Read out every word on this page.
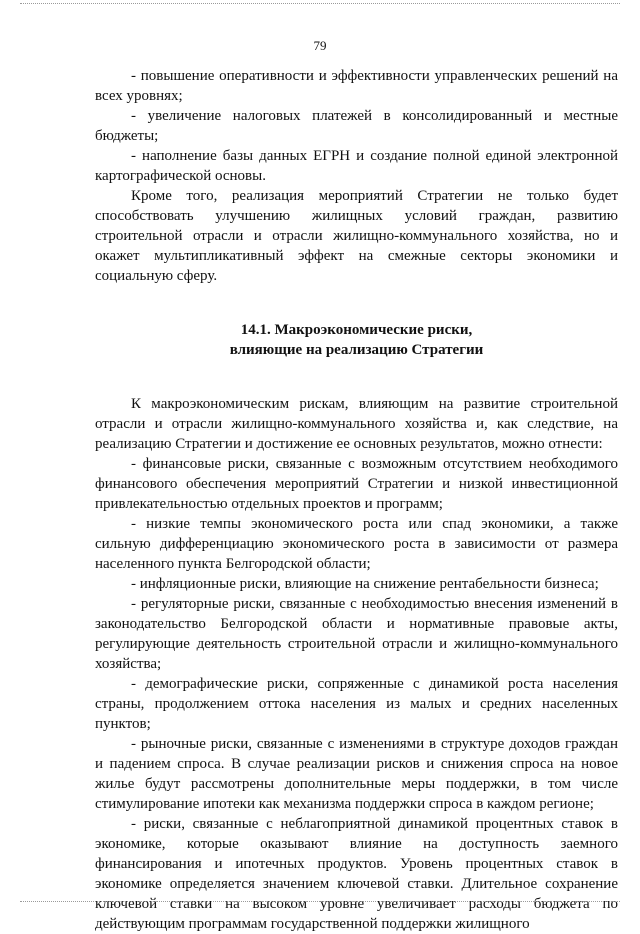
79

- повышение оперативности и эффективности управленческих решений на всех уровнях;

- увеличение налоговых платежей в консолидированный и местные бюджеты;

- наполнение базы данных ЕГРН и создание полной единой электронной картографической основы.

Кроме того, реализация мероприятий Стратегии не только будет способствовать улучшению жилищных условий граждан, развитию строительной отрасли и отрасли жилищно-коммунального хозяйства, но и окажет мультипликативный эффект на смежные секторы экономики и социальную сферу.

14.1. Макроэкономические риски,

влияющие на реализацию Стратегии

К макроэкономическим рискам, влияющим на развитие строительной отрасли и отрасли жилищно-коммунального хозяйства и, как следствие, на реализацию Стратегии и достижение ее основных результатов, можно отнести:

- финансовые риски, связанные с возможным отсутствием необходимого финансового обеспечения мероприятий Стратегии и низкой инвестиционной привлекательностью отдельных проектов и программ;

- низкие темпы экономического роста или спад экономики, а также сильную дифференциацию экономического роста в зависимости от размера населенного пункта Белгородской области;

- инфляционные риски, влияющие на снижение рентабельности бизнеса;

- регуляторные риски, связанные с необходимостью внесения изменений в законодательство Белгородской области и нормативные правовые акты, регулирующие деятельность строительной отрасли и жилищно-коммунального хозяйства;

- демографические риски, сопряженные с динамикой роста населения страны, продолжением оттока населения из малых и средних населенных пунктов;

- рыночные риски, связанные с изменениями в структуре доходов граждан и падением спроса. В случае реализации рисков и снижения спроса на новое жилье будут рассмотрены дополнительные меры поддержки, в том числе стимулирование ипотеки как механизма поддержки спроса в каждом регионе;

- риски, связанные с неблагоприятной динамикой процентных ставок в экономике, которые оказывают влияние на доступность заемного финансирования и ипотечных продуктов. Уровень процентных ставок в экономике определяется значением ключевой ставки. Длительное сохранение ключевой ставки на высоком уровне увеличивает расходы бюджета по действующим программам государственной поддержки жилищного
